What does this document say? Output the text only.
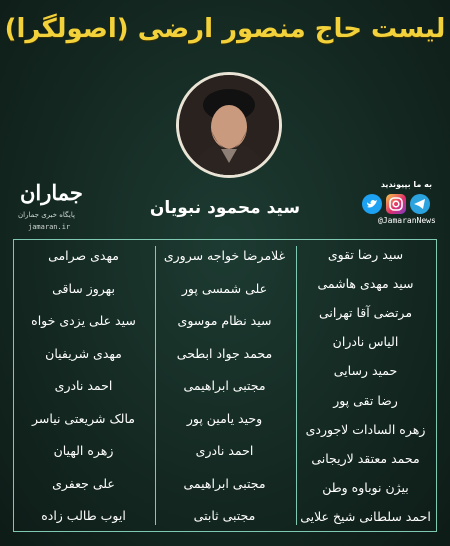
لیست حاج منصور ارضی (اصولگرا)
سید محمود نبویان
جماران
پایگاه خبری جماران
jamaran.ir
به ما بپیوندید
@JamaranNews
سید رضا تقوی
سید مهدی هاشمی
مرتضی آقا تهرانی
الیاس نادران
حمید رسایی
رضا تقی پور
زهره السادات لاجوردی
محمد معتقد لاریجانی
بیژن نوباوه وطن
احمد سلطانی شیخ علایی
غلامرضا خواجه سروری
علی شمسی پور
سید نظام موسوی
محمد جواد ابطحی
مجتبی ابراهیمی
وحید یامین پور
احمد نادری
مجتبی ابراهیمی
مجتبی ثابتی
مهدی صرامی
بهروز ساقی
سید علی یزدی خواه
مهدی شریفیان
احمد نادری
مالک شریعتی نیاسر
زهره الهیان
علی جعفری
ایوب طالب زاده
